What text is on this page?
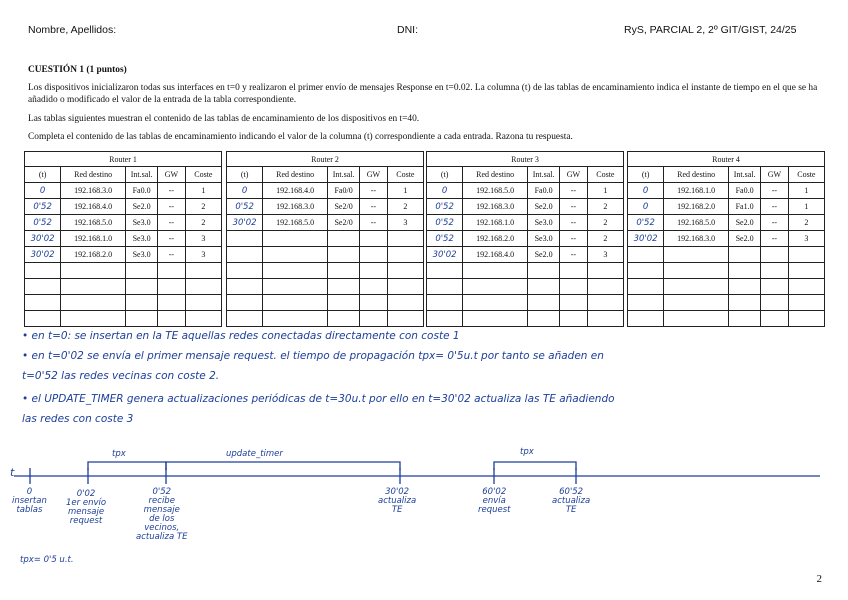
Nombre, Apellidos:	DNI:	RyS, PARCIAL 2, 2º GIT/GIST, 24/25
CUESTIÓN 1 (1 puntos)
Los dispositivos inicializaron todas sus interfaces en t=0 y realizaron el primer envío de mensajes Response en t=0.02. La columna (t) de las tablas de encaminamiento indica el instante de tiempo en el que se ha añadido o modificado el valor de la entrada de la tabla correspondiente.
Las tablas siguientes muestran el contenido de las tablas de encaminamiento de los dispositivos en t=40.
Completa el contenido de las tablas de encaminamiento indicando el valor de la columna (t) correspondiente a cada entrada. Razona tu respuesta.
Router 1				
(t)	Red destino	Int.sal.	GW	Coste
0	192.168.3.0	Fa0.0	--	1
0'52	192.168.4.0	Se2.0	--	2
0'52	192.168.5.0	Se3.0	--	2
30'02	192.168.1.0	Se3.0	--	3
30'02	192.168.2.0	Se3.0	--	3

Router 2				
(t)	Red destino	Int.sal.	GW	Coste
0	192.168.4.0	Fa0/0	--	1
0'52	192.168.3.0	Se2/0	--	2
30'02	192.168.5.0	Se2/0	--	3

Router 3				
(t)	Red destino	Int.sal.	GW	Coste
0	192.168.5.0	Fa0.0	--	1
0'52	192.168.3.0	Se2.0	--	2
0'52	192.168.1.0	Se3.0	--	2
0'52	192.168.2.0	Se3.0	--	2
30'02	192.168.4.0	Se2.0	--	3

Router 4				
(t)	Red destino	Int.sal.	GW	Coste
0	192.168.1.0	Fa0.0	--	1
0	192.168.2.0	Fa1.0	--	1
0'52	192.168.5.0	Se2.0	--	2
30'02	192.168.3.0	Se2.0	--	3

• en t=0: se insertan en la TE aquellas redes conectadas directamente con coste 1
• en t=0'02 se envía el primer mensaje request. el tiempo de propagación tpx= 0'5u.t por tanto se añaden en
t=0'52 las redes vecinas con coste 2.
• el UPDATE_TIMER genera actualizaciones periódicas de t=30u.t por ello en t=30'02 actualiza las TE añadiendo
las redes con coste 3
t
tpx	update_timer	tpx
0
insertan
tablas
0'02
1er envío
mensaje
request
0'52
recibe
mensaje
de los
vecinos,
actualiza TE
30'02
actualiza
TE
60'02
envía
request
60'52
actualiza
TE
tpx= 0'5 u.t.
2
